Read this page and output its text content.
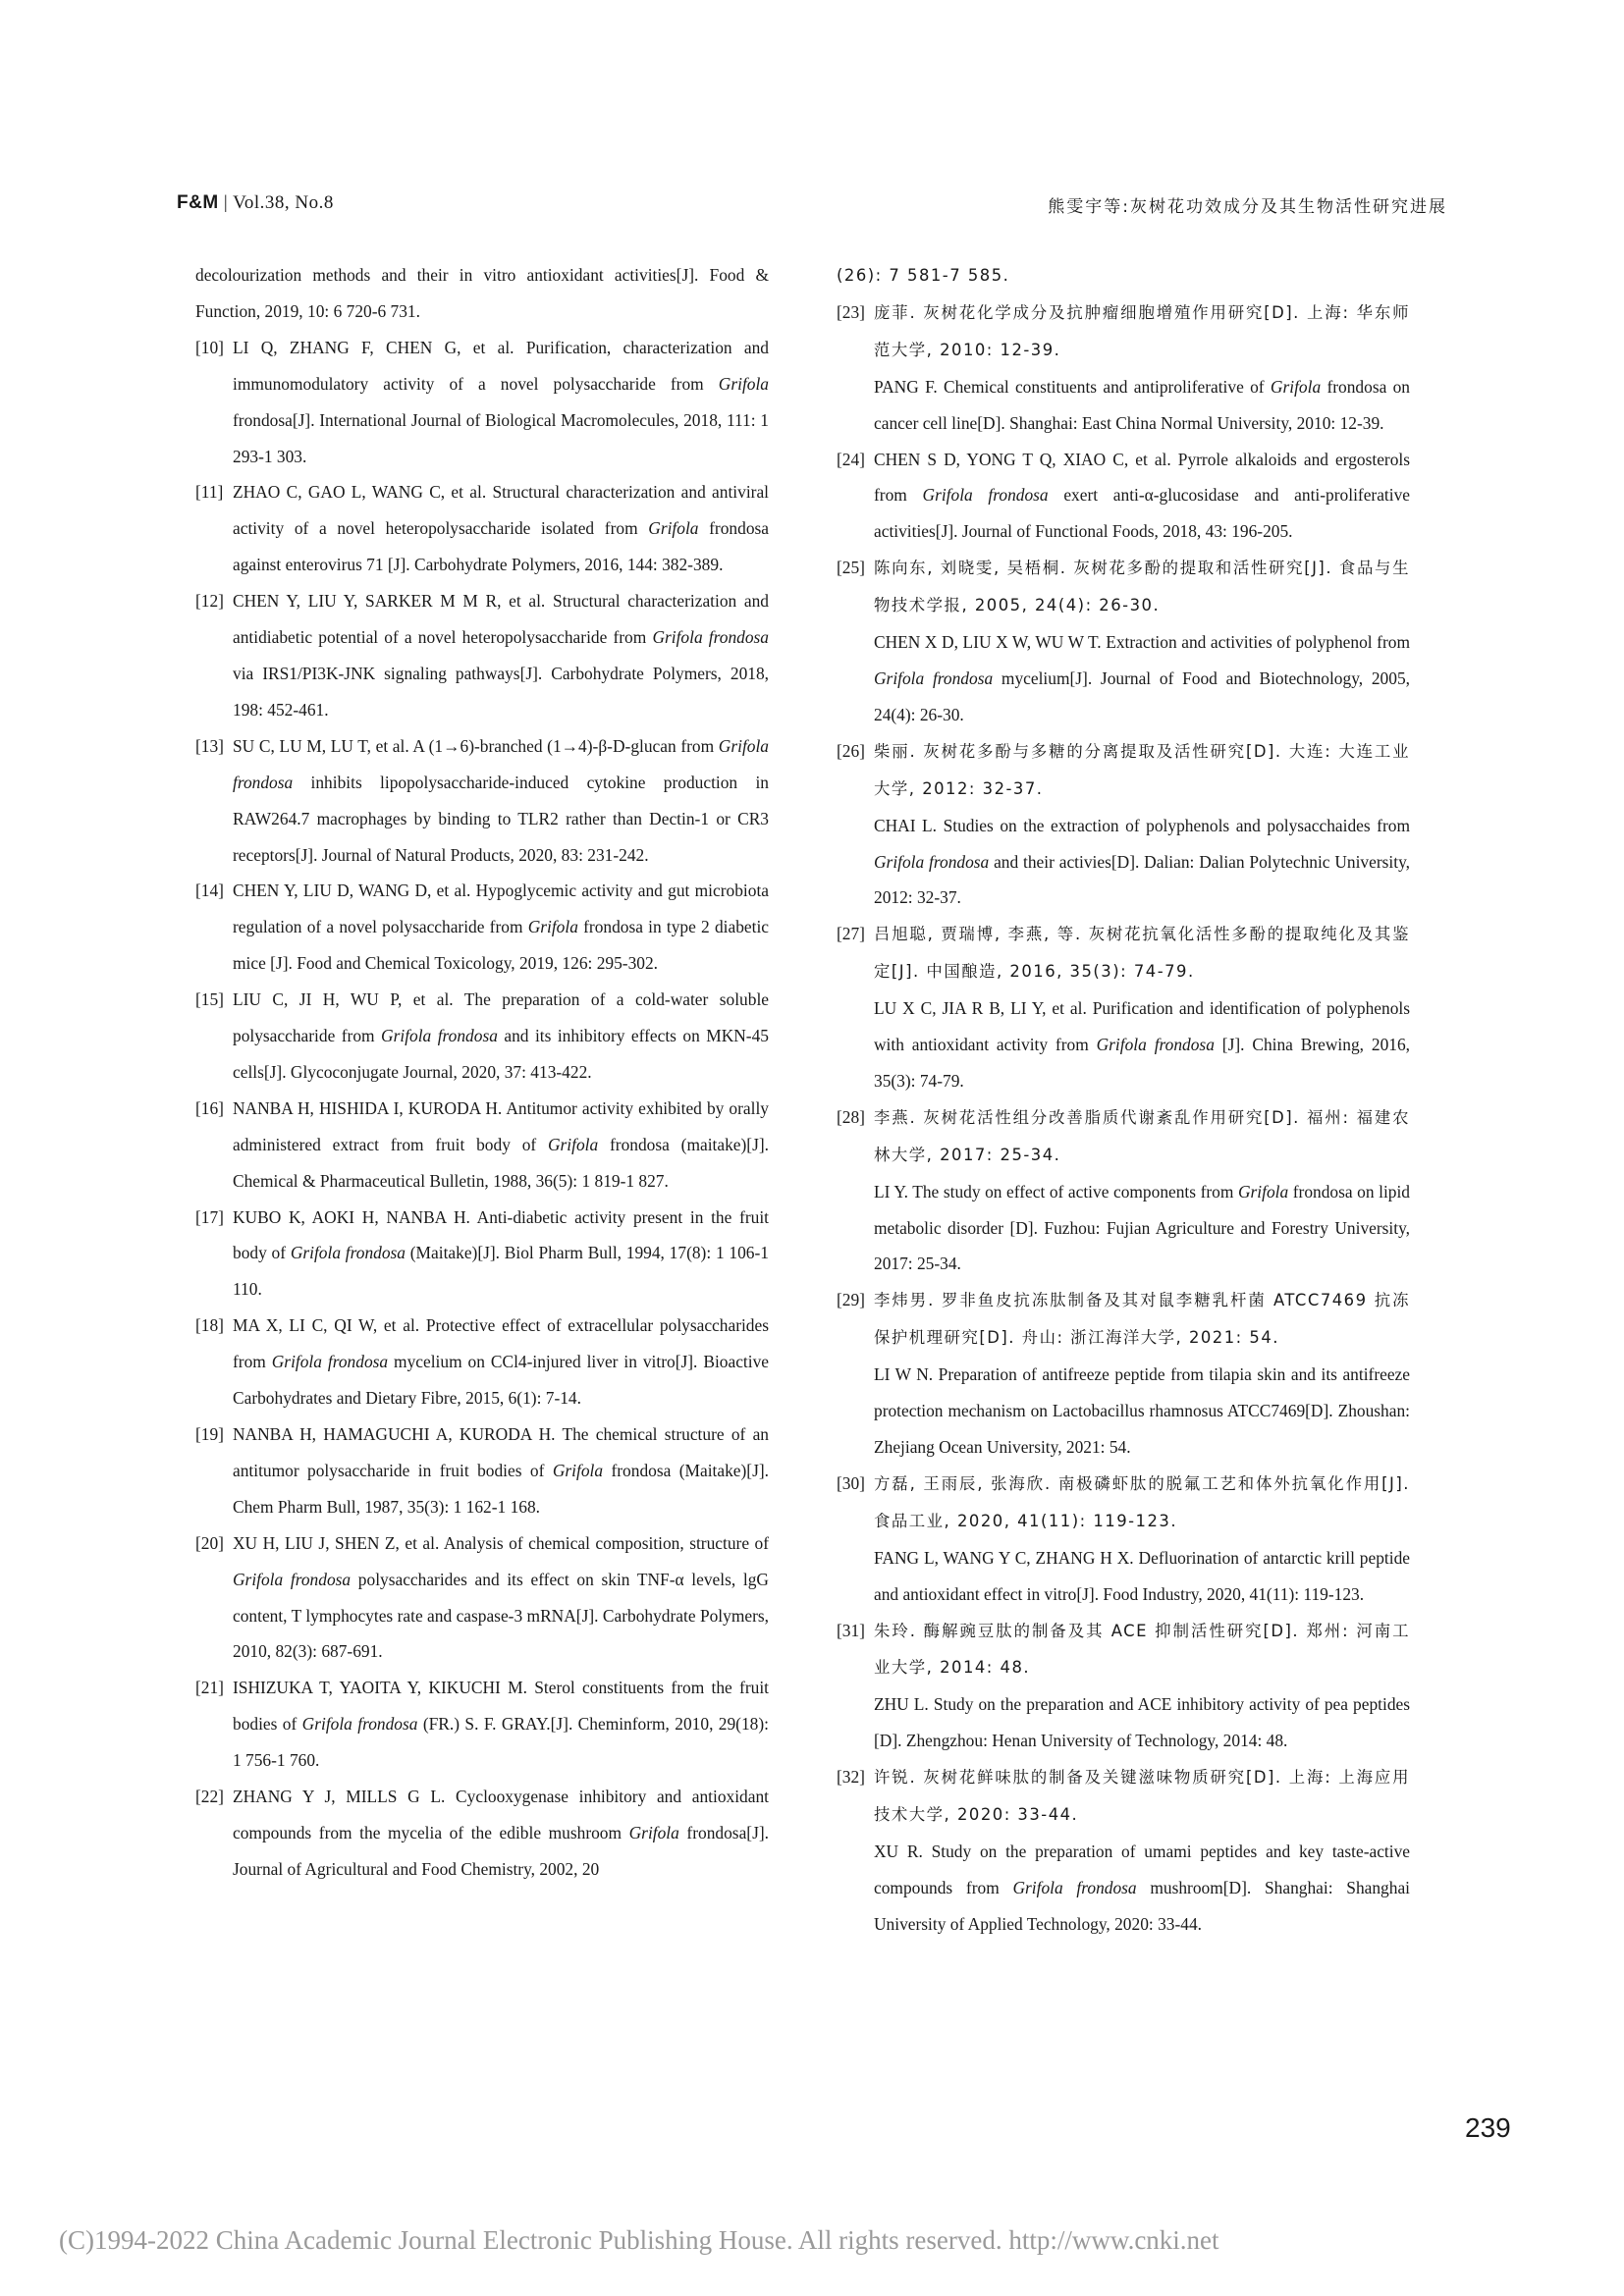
F&M | Vol.38, No.8	熊雯宇等:灰树花功效成分及其生物活性研究进展
decolourization methods and their in vitro antioxidant activities[J]. Food & Function, 2019, 10: 6 720-6 731.
[10] LI Q, ZHANG F, CHEN G, et al. Purification, characterization and immunomodulatory activity of a novel polysaccharide from Grifola frondosa[J]. International Journal of Biological Macromolecules, 2018, 111: 1 293-1 303.
[11] ZHAO C, GAO L, WANG C, et al. Structural characterization and antiviral activity of a novel heteropolysaccharide isolated from Grifola frondosa against enterovirus 71 [J]. Carbohydrate Polymers, 2016, 144: 382-389.
[12] CHEN Y, LIU Y, SARKER M M R, et al. Structural characterization and antidiabetic potential of a novel heteropolysaccharide from Grifola frondosa via IRS1/PI3K-JNK signaling pathways[J]. Carbohydrate Polymers, 2018, 198: 452-461.
[13] SU C, LU M, LU T, et al. A (1→6)-branched (1→4)-β-D-glucan from Grifola frondosa inhibits lipopolysaccharide-induced cytokine production in RAW264.7 macrophages by binding to TLR2 rather than Dectin-1 or CR3 receptors[J]. Journal of Natural Products, 2020, 83: 231-242.
[14] CHEN Y, LIU D, WANG D, et al. Hypoglycemic activity and gut microbiota regulation of a novel polysaccharide from Grifola frondosa in type 2 diabetic mice [J]. Food and Chemical Toxicology, 2019, 126: 295-302.
[15] LIU C, JI H, WU P, et al. The preparation of a cold-water soluble polysaccharide from Grifola frondosa and its inhibitory effects on MKN-45 cells[J]. Glycoconjugate Journal, 2020, 37: 413-422.
[16] NANBA H, HISHIDA I, KURODA H. Antitumor activity exhibited by orally administered extract from fruit body of Grifola frondosa (maitake)[J]. Chemical & Pharmaceutical Bulletin, 1988, 36(5): 1 819-1 827.
[17] KUBO K, AOKI H, NANBA H. Anti-diabetic activity present in the fruit body of Grifola frondosa (Maitake)[J]. Biol Pharm Bull, 1994, 17(8): 1 106-1 110.
[18] MA X, LI C, QI W, et al. Protective effect of extracellular polysaccharides from Grifola frondosa mycelium on CCl4-injured liver in vitro[J]. Bioactive Carbohydrates and Dietary Fibre, 2015, 6(1): 7-14.
[19] NANBA H, HAMAGUCHI A, KURODA H. The chemical structure of an antitumor polysaccharide in fruit bodies of Grifola frondosa (Maitake)[J]. Chem Pharm Bull, 1987, 35(3): 1 162-1 168.
[20] XU H, LIU J, SHEN Z, et al. Analysis of chemical composition, structure of Grifola frondosa polysaccharides and its effect on skin TNF-α levels, lgG content, T lymphocytes rate and caspase-3 mRNA[J]. Carbohydrate Polymers, 2010, 82(3): 687-691.
[21] ISHIZUKA T, YAOITA Y, KIKUCHI M. Sterol constituents from the fruit bodies of Grifola frondosa (FR.) S. F. GRAY.[J]. Cheminform, 2010, 29(18): 1 756-1 760.
[22] ZHANG Y J, MILLS G L. Cyclooxygenase inhibitory and antioxidant compounds from the mycelia of the edible mushroom Grifola frondosa[J]. Journal of Agricultural and Food Chemistry, 2002, 20
(26): 7 581-7 585.
[23] 庞菲. 灰树花化学成分及抗肿瘤细胞增殖作用研究[D]. 上海: 华东师范大学, 2010: 12-39.
PANG F. Chemical constituents and antiproliferative of Grifola frondosa on cancer cell line[D]. Shanghai: East China Normal University, 2010: 12-39.
[24] CHEN S D, YONG T Q, XIAO C, et al. Pyrrole alkaloids and ergosterols from Grifola frondosa exert anti-α-glucosidase and anti-proliferative activities[J]. Journal of Functional Foods, 2018, 43: 196-205.
[25] 陈向东, 刘晓雯, 吴梧桐. 灰树花多酚的提取和活性研究[J]. 食品与生物技术学报, 2005, 24(4): 26-30.
CHEN X D, LIU X W, WU W T. Extraction and activities of polyphenol from Grifola frondosa mycelium[J]. Journal of Food and Biotechnology, 2005, 24(4): 26-30.
[26] 柴丽. 灰树花多酚与多糖的分离提取及活性研究[D]. 大连: 大连工业大学, 2012: 32-37.
CHAI L. Studies on the extraction of polyphenols and polysacchaides from Grifola frondosa and their activies[D]. Dalian: Dalian Polytechnic University, 2012: 32-37.
[27] 吕旭聪, 贾瑞博, 李燕, 等. 灰树花抗氧化活性多酚的提取纯化及其鉴定[J]. 中国酿造, 2016, 35(3): 74-79.
LU X C, JIA R B, LI Y, et al. Purification and identification of polyphenols with antioxidant activity from Grifola frondosa [J]. China Brewing, 2016, 35(3): 74-79.
[28] 李燕. 灰树花活性组分改善脂质代谢紊乱作用研究[D]. 福州: 福建农林大学, 2017: 25-34.
LI Y. The study on effect of active components from Grifola frondosa on lipid metabolic disorder [D]. Fuzhou: Fujian Agriculture and Forestry University, 2017: 25-34.
[29] 李炜男. 罗非鱼皮抗冻肽制备及其对鼠李糖乳杆菌 ATCC7469 抗冻保护机理研究[D]. 舟山: 浙江海洋大学, 2021: 54.
LI W N. Preparation of antifreeze peptide from tilapia skin and its antifreeze protection mechanism on Lactobacillus rhamnosus ATCC7469[D]. Zhoushan: Zhejiang Ocean University, 2021: 54.
[30] 方磊, 王雨辰, 张海欣. 南极磷虾肽的脱氟工艺和体外抗氧化作用[J]. 食品工业, 2020, 41(11): 119-123.
FANG L, WANG Y C, ZHANG H X. Defluorination of antarctic krill peptide and antioxidant effect in vitro[J]. Food Industry, 2020, 41(11): 119-123.
[31] 朱玲. 酶解豌豆肽的制备及其 ACE 抑制活性研究[D]. 郑州: 河南工业大学, 2014: 48.
ZHU L. Study on the preparation and ACE inhibitory activity of pea peptides [D]. Zhengzhou: Henan University of Technology, 2014: 48.
[32] 许锐. 灰树花鲜味肽的制备及关键滋味物质研究[D]. 上海: 上海应用技术大学, 2020: 33-44.
XU R. Study on the preparation of umami peptides and key taste-active compounds from Grifola frondosa mushroom[D]. Shanghai: Shanghai University of Applied Technology, 2020: 33-44.
239
(C)1994-2022 China Academic Journal Electronic Publishing House. All rights reserved. http://www.cnki.net
